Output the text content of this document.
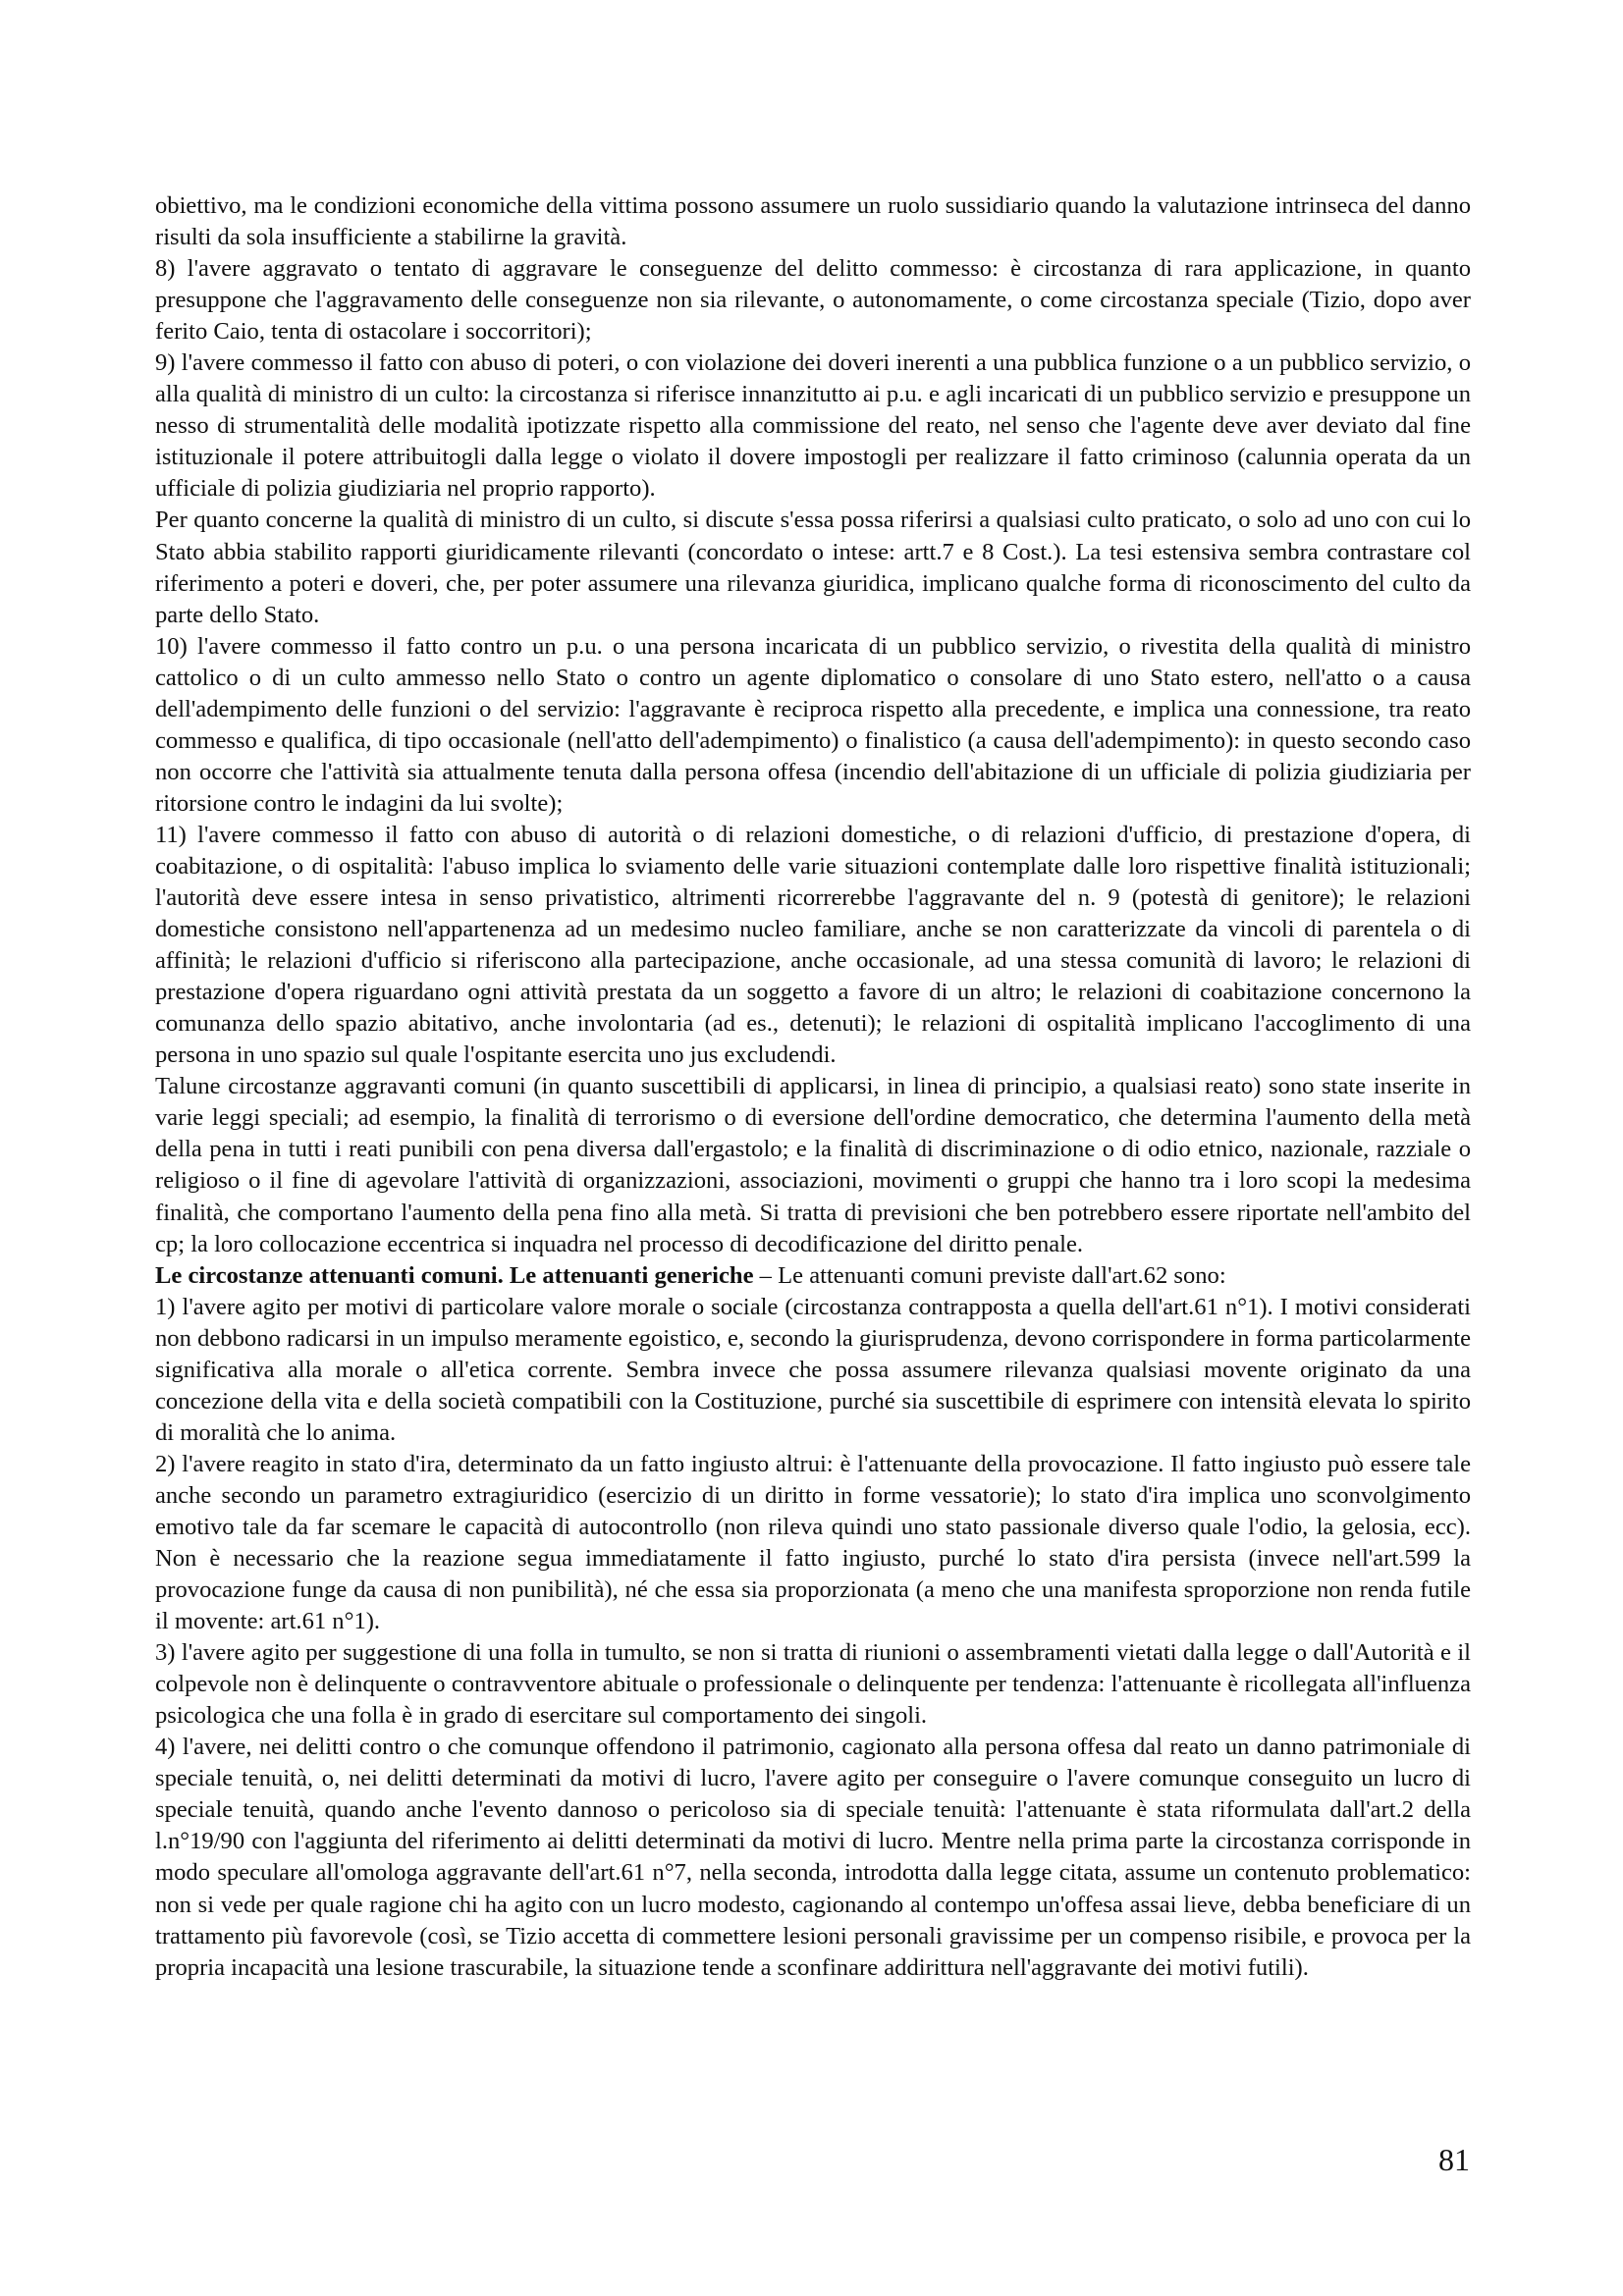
obiettivo, ma le condizioni economiche della vittima possono assumere un ruolo sussidiario quando la valutazione intrinseca del danno risulti da sola insufficiente a stabilirne la gravità.

8) l'avere aggravato o tentato di aggravare le conseguenze del delitto commesso: è circostanza di rara applicazione, in quanto presuppone che l'aggravamento delle conseguenze non sia rilevante, o autonomamente, o come circostanza speciale (Tizio, dopo aver ferito Caio, tenta di ostacolare i soccorritori);

9) l'avere commesso il fatto con abuso di poteri, o con violazione dei doveri inerenti a una pubblica funzione o a un pubblico servizio, o alla qualità di ministro di un culto: la circostanza si riferisce innanzitutto ai p.u. e agli incaricati di un pubblico servizio e presuppone un nesso di strumentalità delle modalità ipotizzate rispetto alla commissione del reato, nel senso che l'agente deve aver deviato dal fine istituzionale il potere attribuitogli dalla legge o violato il dovere impostogli per realizzare il fatto criminoso (calunnia operata da un ufficiale di polizia giudiziaria nel proprio rapporto).

Per quanto concerne la qualità di ministro di un culto, si discute s'essa possa riferirsi a qualsiasi culto praticato, o solo ad uno con cui lo Stato abbia stabilito rapporti giuridicamente rilevanti (concordato o intese: artt.7 e 8 Cost.). La tesi estensiva sembra contrastare col riferimento a poteri e doveri, che, per poter assumere una rilevanza giuridica, implicano qualche forma di riconoscimento del culto da parte dello Stato.

10) l'avere commesso il fatto contro un p.u. o una persona incaricata di un pubblico servizio, o rivestita della qualità di ministro cattolico o di un culto ammesso nello Stato o contro un agente diplomatico o consolare di uno Stato estero, nell'atto o a causa dell'adempimento delle funzioni o del servizio: l'aggravante è reciproca rispetto alla precedente, e implica una connessione, tra reato commesso e qualifica, di tipo occasionale (nell'atto dell'adempimento) o finalistico (a causa dell'adempimento): in questo secondo caso non occorre che l'attività sia attualmente tenuta dalla persona offesa (incendio dell'abitazione di un ufficiale di polizia giudiziaria per ritorsione contro le indagini da lui svolte);

11) l'avere commesso il fatto con abuso di autorità o di relazioni domestiche, o di relazioni d'ufficio, di prestazione d'opera, di coabitazione, o di ospitalità: l'abuso implica lo sviamento delle varie situazioni contemplate dalle loro rispettive finalità istituzionali; l'autorità deve essere intesa in senso privatistico, altrimenti ricorrerebbe l'aggravante del n. 9 (potestà di genitore); le relazioni domestiche consistono nell'appartenenza ad un medesimo nucleo familiare, anche se non caratterizzate da vincoli di parentela o di affinità; le relazioni d'ufficio si riferiscono alla partecipazione, anche occasionale, ad una stessa comunità di lavoro; le relazioni di prestazione d'opera riguardano ogni attività prestata da un soggetto a favore di un altro; le relazioni di coabitazione concernono la comunanza dello spazio abitativo, anche involontaria (ad es., detenuti); le relazioni di ospitalità implicano l'accoglimento di una persona in uno spazio sul quale l'ospitante esercita uno jus excludendi.

Talune circostanze aggravanti comuni (in quanto suscettibili di applicarsi, in linea di principio, a qualsiasi reato) sono state inserite in varie leggi speciali; ad esempio, la finalità di terrorismo o di eversione dell'ordine democratico, che determina l'aumento della metà della pena in tutti i reati punibili con pena diversa dall'ergastolo; e la finalità di discriminazione o di odio etnico, nazionale, razziale o religioso o il fine di agevolare l'attività di organizzazioni, associazioni, movimenti o gruppi che hanno tra i loro scopi la medesima finalità, che comportano l'aumento della pena fino alla metà. Si tratta di previsioni che ben potrebbero essere riportate nell'ambito del cp; la loro collocazione eccentrica si inquadra nel processo di decodificazione del diritto penale.

Le circostanze attenuanti comuni. Le attenuanti generiche – Le attenuanti comuni previste dall'art.62 sono:

1) l'avere agito per motivi di particolare valore morale o sociale (circostanza contrapposta a quella dell'art.61 n°1). I motivi considerati non debbono radicarsi in un impulso meramente egoistico, e, secondo la giurisprudenza, devono corrispondere in forma particolarmente significativa alla morale o all'etica corrente. Sembra invece che possa assumere rilevanza qualsiasi movente originato da una concezione della vita e della società compatibili con la Costituzione, purché sia suscettibile di esprimere con intensità elevata lo spirito di moralità che lo anima.

2) l'avere reagito in stato d'ira, determinato da un fatto ingiusto altrui: è l'attenuante della provocazione. Il fatto ingiusto può essere tale anche secondo un parametro extragiuridico (esercizio di un diritto in forme vessatorie); lo stato d'ira implica uno sconvolgimento emotivo tale da far scemare le capacità di autocontrollo (non rileva quindi uno stato passionale diverso quale l'odio, la gelosia, ecc). Non è necessario che la reazione segua immediatamente il fatto ingiusto, purché lo stato d'ira persista (invece nell'art.599 la provocazione funge da causa di non punibilità), né che essa sia proporzionata (a meno che una manifesta sproporzione non renda futile il movente: art.61 n°1).

3) l'avere agito per suggestione di una folla in tumulto, se non si tratta di riunioni o assembramenti vietati dalla legge o dall'Autorità e il colpevole non è delinquente o contravventore abituale o professionale o delinquente per tendenza: l'attenuante è ricollegata all'influenza psicologica che una folla è in grado di esercitare sul comportamento dei singoli.

4) l'avere, nei delitti contro o che comunque offendono il patrimonio, cagionato alla persona offesa dal reato un danno patrimoniale di speciale tenuità, o, nei delitti determinati da motivi di lucro, l'avere agito per conseguire o l'avere comunque conseguito un lucro di speciale tenuità, quando anche l'evento dannoso o pericoloso sia di speciale tenuità: l'attenuante è stata riformulata dall'art.2 della l.n°19/90 con l'aggiunta del riferimento ai delitti determinati da motivi di lucro. Mentre nella prima parte la circostanza corrisponde in modo speculare all'omologa aggravante dell'art.61 n°7, nella seconda, introdotta dalla legge citata, assume un contenuto problematico: non si vede per quale ragione chi ha agito con un lucro modesto, cagionando al contempo un'offesa assai lieve, debba beneficiare di un trattamento più favorevole (così, se Tizio accetta di commettere lesioni personali gravissime per un compenso risibile, e provoca per la propria incapacità una lesione trascurabile, la situazione tende a sconfinare addirittura nell'aggravante dei motivi futili).

81
